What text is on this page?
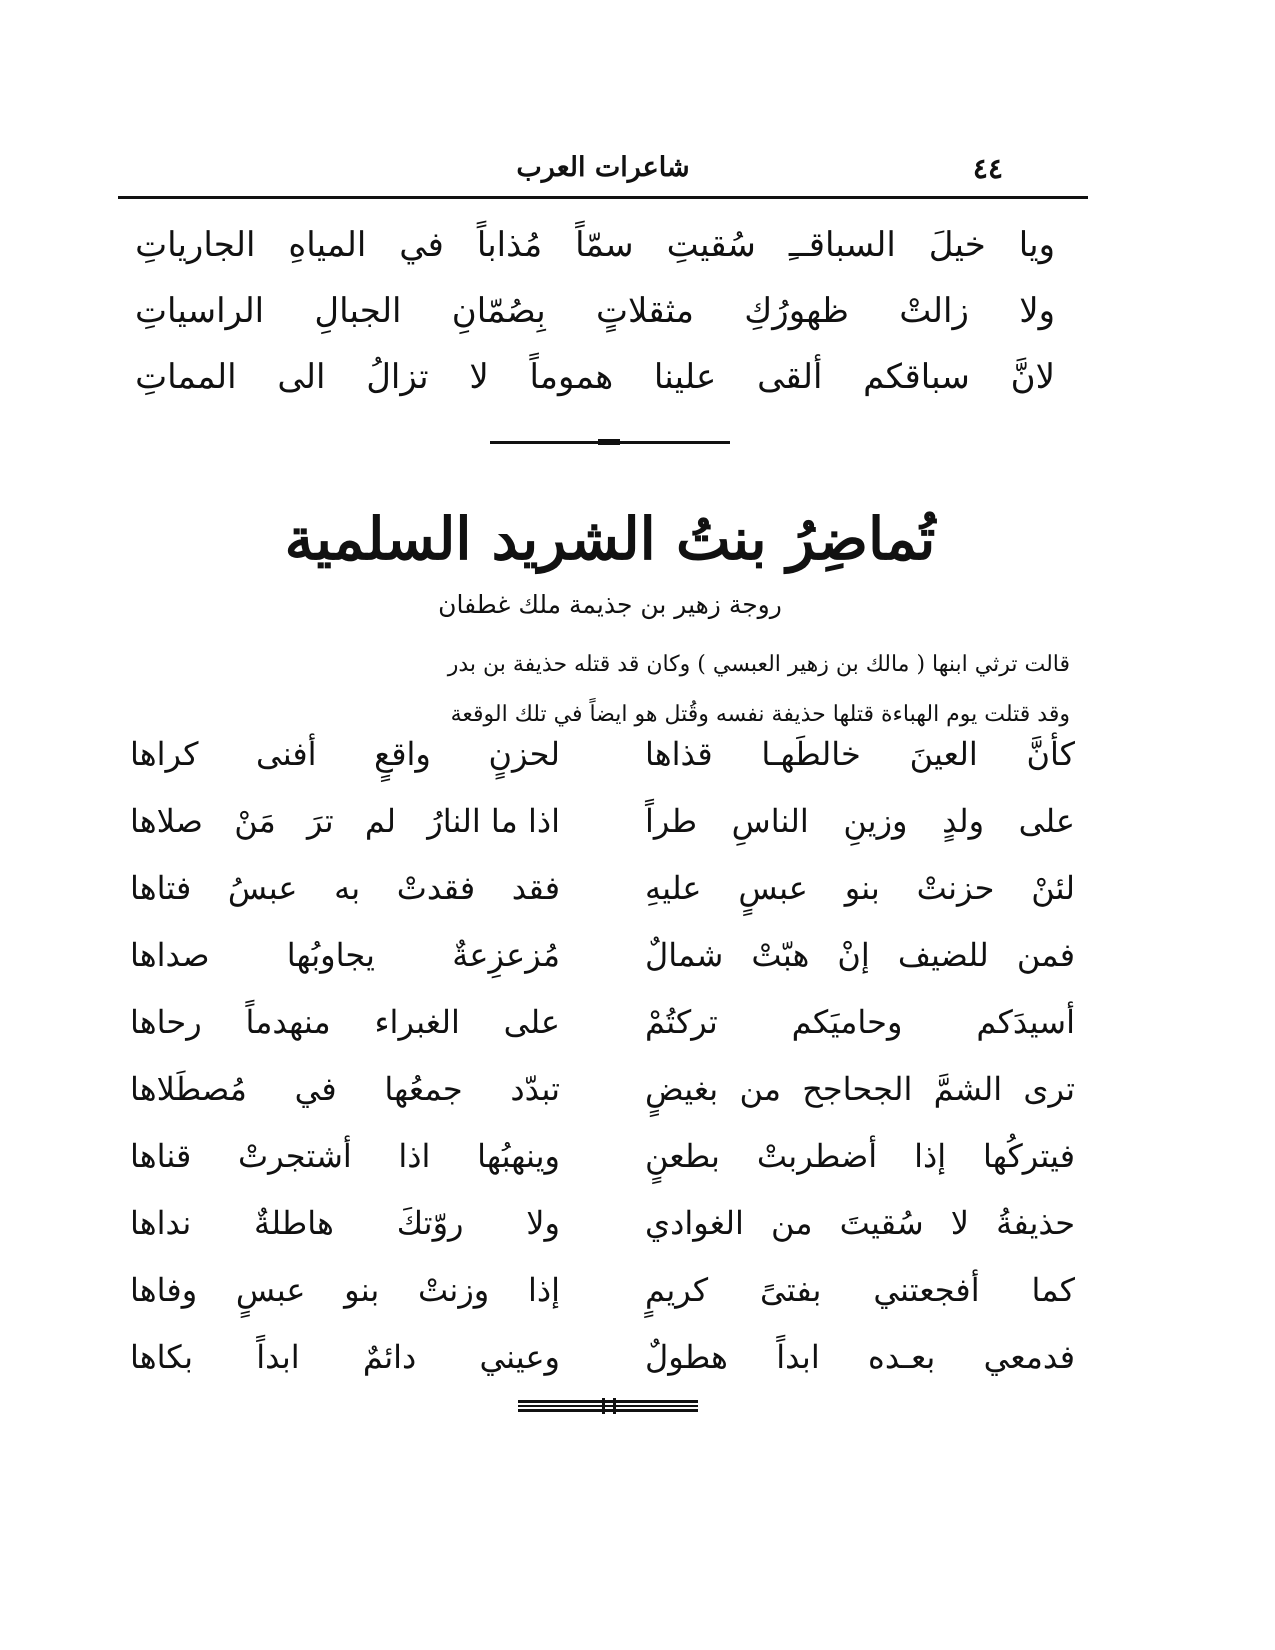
٤٤
شاعرات العرب
ويا
خيلَ
السباقــِ
سُقيتِ
سمّاً
مُذاباً
في
المياهِ
الجارياتِ
ولا
زالتْ
ظهورُكِ
مثقلاتٍ
بِصُمّانِ
الجبالِ
الراسياتِ
لانَّ
سباقكم
ألقى
علينا
هموماً
لا
تزالُ
الى
المماتِ
تُماضِرُ بنتُ الشريد السلمية
روجة زهير بن جذيمة ملك غطفان
قالت ترثي ابنها ( مالك بن زهير العبسي ) وكان قد قتله حذيفة بن بدر
وقد قتلت يوم الهباءة قتلها حذيفة نفسه وقُتل هو ايضاً في تلك الوقعة
كأنَّ
العينَ
خالطَهـا
قذاها
لحزنٍ
واقعٍ
أفنى
كراها
على
ولدٍ
وزينِ
الناسِ
طراً
اذا ما النارُ
لم
ترَ
مَنْ
صلاها
لئنْ
حزنتْ
بنو
عبسٍ
عليهِ
فقد
فقدتْ
به
عبسُ
فتاها
فمن
للضيف
إنْ
هبّتْ
شمالٌ
مُزعزِعةٌ
يجاوبُها
صداها
أسيدَكم
وحاميَكم
تركتُمْ
على
الغبراء
منهدماً
رحاها
ترى
الشمَّ
الجحاجح
من
بغيضٍ
تبدّد
جمعُها
في
مُصطَلاها
فيتركُها
إذا
أضطربتْ
بطعنٍ
وينهبُها
اذا
أشتجرتْ
قناها
حذيفةُ
لا
سُقيتَ
من
الغوادي
ولا
روّتكَ
هاطلةٌ
نداها
كما
أفجعتني
بفتىً
كريمٍ
إذا
وزنتْ
بنو
عبسٍ
وفاها
فدمعي
بعـده
ابداً
هطولٌ
وعيني
دائمٌ
ابداً
بكاها
